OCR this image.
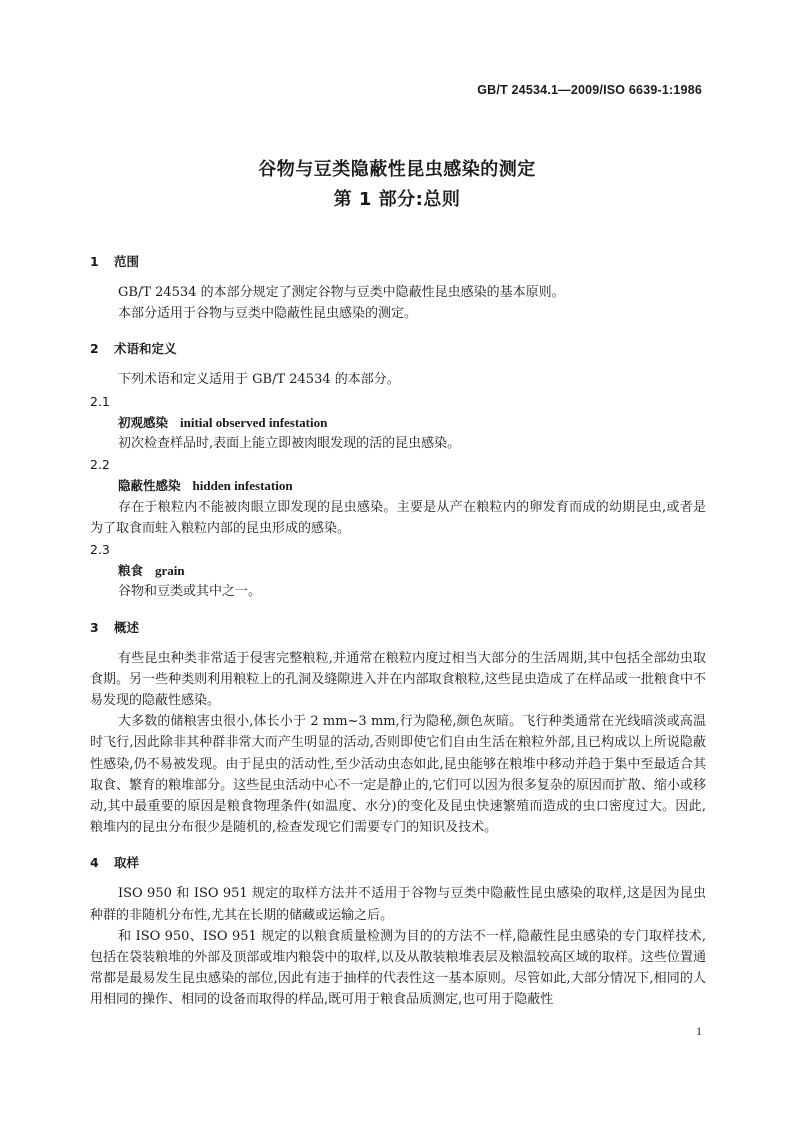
GB/T 24534.1—2009/ISO 6639-1:1986
谷物与豆类隐蔽性昆虫感染的测定
第 1 部分:总则
1 范围

GB/T 24534 的本部分规定了测定谷物与豆类中隐蔽性昆虫感染的基本原则。

本部分适用于谷物与豆类中隐蔽性昆虫感染的测定。

2 术语和定义

下列术语和定义适用于 GB/T 24534 的本部分。

2.1
初观感染 initial observed infestation

初次检查样品时,表面上能立即被肉眼发现的活的昆虫感染。

2.2
隐蔽性感染 hidden infestation

存在于粮粒内不能被肉眼立即发现的昆虫感染。主要是从产在粮粒内的卵发育而成的幼期昆虫,或者是为了取食而蛀入粮粒内部的昆虫形成的感染。

2.3
粮食 grain

谷物和豆类或其中之一。

3 概述

有些昆虫种类非常适于侵害完整粮粒,并通常在粮粒内度过相当大部分的生活周期,其中包括全部幼虫取食期。另一些种类则利用粮粒上的孔洞及缝隙进入并在内部取食粮粒,这些昆虫造成了在样品或一批粮食中不易发现的隐蔽性感染。

大多数的储粮害虫很小,体长小于 2 mm~3 mm,行为隐秘,颜色灰暗。飞行种类通常在光线暗淡或高温时飞行,因此除非其种群非常大而产生明显的活动,否则即使它们自由生活在粮粒外部,且已构成以上所说隐蔽性感染,仍不易被发现。由于昆虫的活动性,至少活动虫态如此,昆虫能够在粮堆中移动并趋于集中至最适合其取食、繁育的粮堆部分。这些昆虫活动中心不一定是静止的,它们可以因为很多复杂的原因而扩散、缩小或移动,其中最重要的原因是粮食物理条件(如温度、水分)的变化及昆虫快速繁殖而造成的虫口密度过大。因此,粮堆内的昆虫分布很少是随机的,检查发现它们需要专门的知识及技术。

4 取样

ISO 950 和 ISO 951 规定的取样方法并不适用于谷物与豆类中隐蔽性昆虫感染的取样,这是因为昆虫种群的非随机分布性,尤其在长期的储藏或运输之后。

和 ISO 950、ISO 951 规定的以粮食质量检测为目的的方法不一样,隐蔽性昆虫感染的专门取样技术,包括在袋装粮堆的外部及顶部或堆内粮袋中的取样,以及从散装粮堆表层及粮温较高区域的取样。这些位置通常都是最易发生昆虫感染的部位,因此有违于抽样的代表性这一基本原则。尽管如此,大部分情况下,相同的人用相同的操作、相同的设备而取得的样品,既可用于粮食品质测定,也可用于隐蔽性

1
